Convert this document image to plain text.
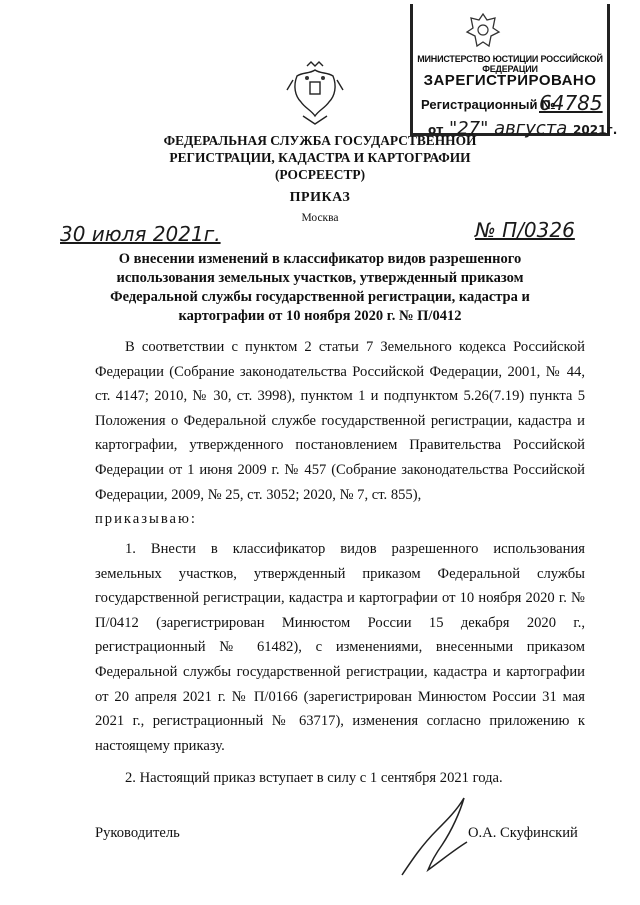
МИНИСТЕРСТВО ЮСТИЦИИ РОССИЙСКОЙ ФЕДЕРАЦИИ
ЗАРЕГИСТРИРОВАНО
Регистрационный №
64785
от "27" августа 2021г.
ФЕДЕРАЛЬНАЯ СЛУЖБА ГОСУДАРСТВЕННОЙ
РЕГИСТРАЦИИ, КАДАСТРА И КАРТОГРАФИИ
(РОСРЕЕСТР)
ПРИКАЗ
Москва
30 июля 2021г.	№ П/0326
О внесении изменений в классификатор видов разрешенного использования земельных участков, утвержденный приказом Федеральной службы государственной регистрации, кадастра и картографии от 10 ноября 2020 г. № П/0412
В соответствии с пунктом 2 статьи 7 Земельного кодекса Российской Федерации (Собрание законодательства Российской Федерации, 2001, № 44, ст. 4147; 2010, № 30, ст. 3998), пунктом 1 и подпунктом 5.26(7.19) пункта 5 Положения о Федеральной службе государственной регистрации, кадастра и картографии, утвержденного постановлением Правительства Российской Федерации от 1 июня 2009 г. № 457 (Собрание законодательства Российской Федерации, 2009, № 25, ст. 3052; 2020, № 7, ст. 855),
приказываю:
1. Внести в классификатор видов разрешенного использования земельных участков, утвержденный приказом Федеральной службы государственной регистрации, кадастра и картографии от 10 ноября 2020 г. № П/0412 (зарегистрирован Минюстом России 15 декабря 2020 г., регистрационный № 61482), с изменениями, внесенными приказом Федеральной службы государственной регистрации, кадастра и картографии от 20 апреля 2021 г. № П/0166 (зарегистрирован Минюстом России 31 мая 2021 г., регистрационный № 63717), изменения согласно приложению к настоящему приказу.
2. Настоящий приказ вступает в силу с 1 сентября 2021 года.
Руководитель	О.А. Скуфинский
